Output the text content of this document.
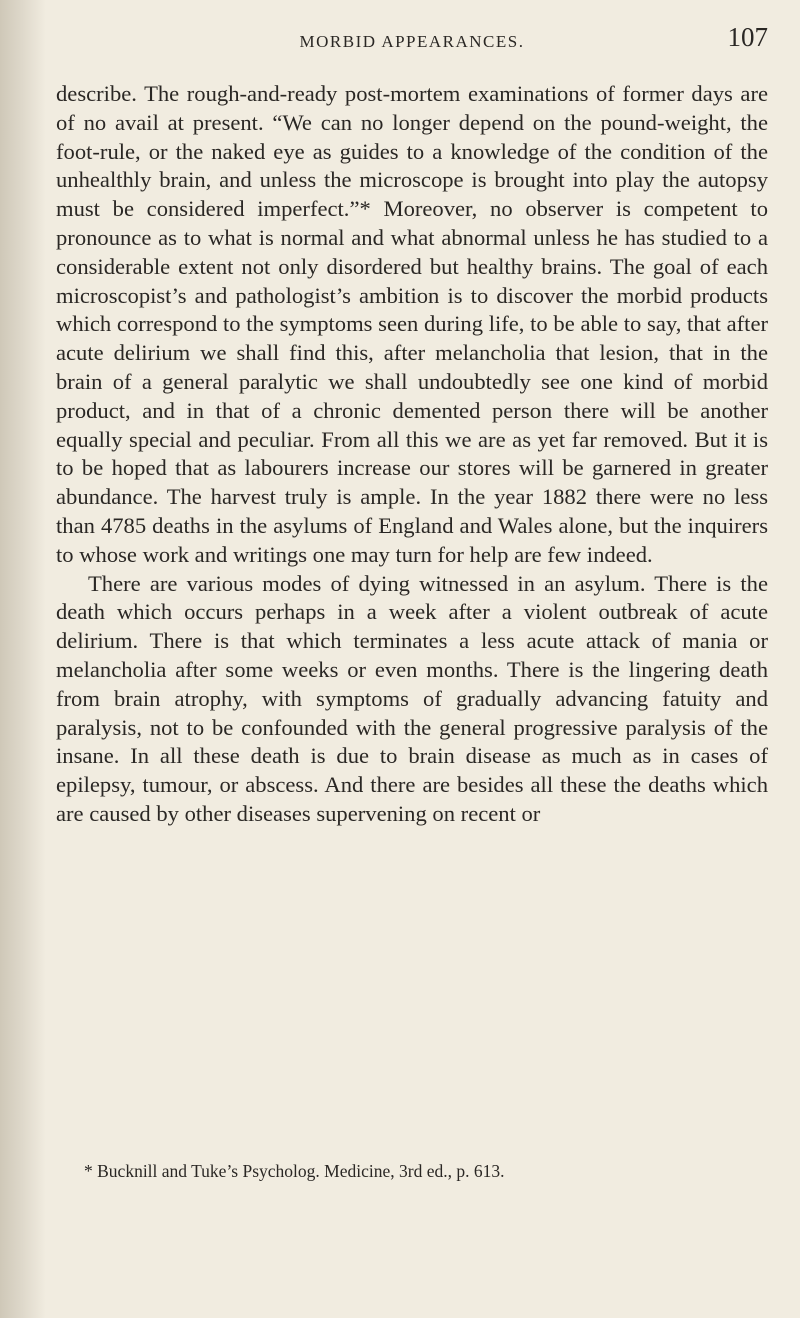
MORBID APPEARANCES.	107

describe. The rough-and-ready post-mortem examinations of former days are of no avail at present. “We can no longer depend on the pound-weight, the foot-rule, or the naked eye as guides to a knowledge of the condition of the unhealthly brain, and unless the microscope is brought into play the autopsy must be considered imperfect.”* Moreover, no observer is competent to pronounce as to what is normal and what abnormal unless he has studied to a considerable extent not only disordered but healthy brains. The goal of each microscopist’s and pathologist’s ambition is to discover the morbid products which correspond to the symptoms seen during life, to be able to say, that after acute delirium we shall find this, after melancholia that lesion, that in the brain of a general paralytic we shall undoubtedly see one kind of morbid product, and in that of a chronic demented person there will be another equally special and peculiar. From all this we are as yet far removed. But it is to be hoped that as labourers increase our stores will be garnered in greater abundance. The harvest truly is ample. In the year 1882 there were no less than 4785 deaths in the asylums of England and Wales alone, but the inquirers to whose work and writings one may turn for help are few indeed.

There are various modes of dying witnessed in an asylum. There is the death which occurs perhaps in a week after a violent outbreak of acute delirium. There is that which terminates a less acute attack of mania or melancholia after some weeks or even months. There is the lingering death from brain atrophy, with symptoms of gradually advancing fatuity and paralysis, not to be confounded with the general progressive paralysis of the insane. In all these death is due to brain disease as much as in cases of epilepsy, tumour, or abscess. And there are besides all these the deaths which are caused by other diseases supervening on recent or

* Bucknill and Tuke’s Psycholog. Medicine, 3rd ed., p. 613.
